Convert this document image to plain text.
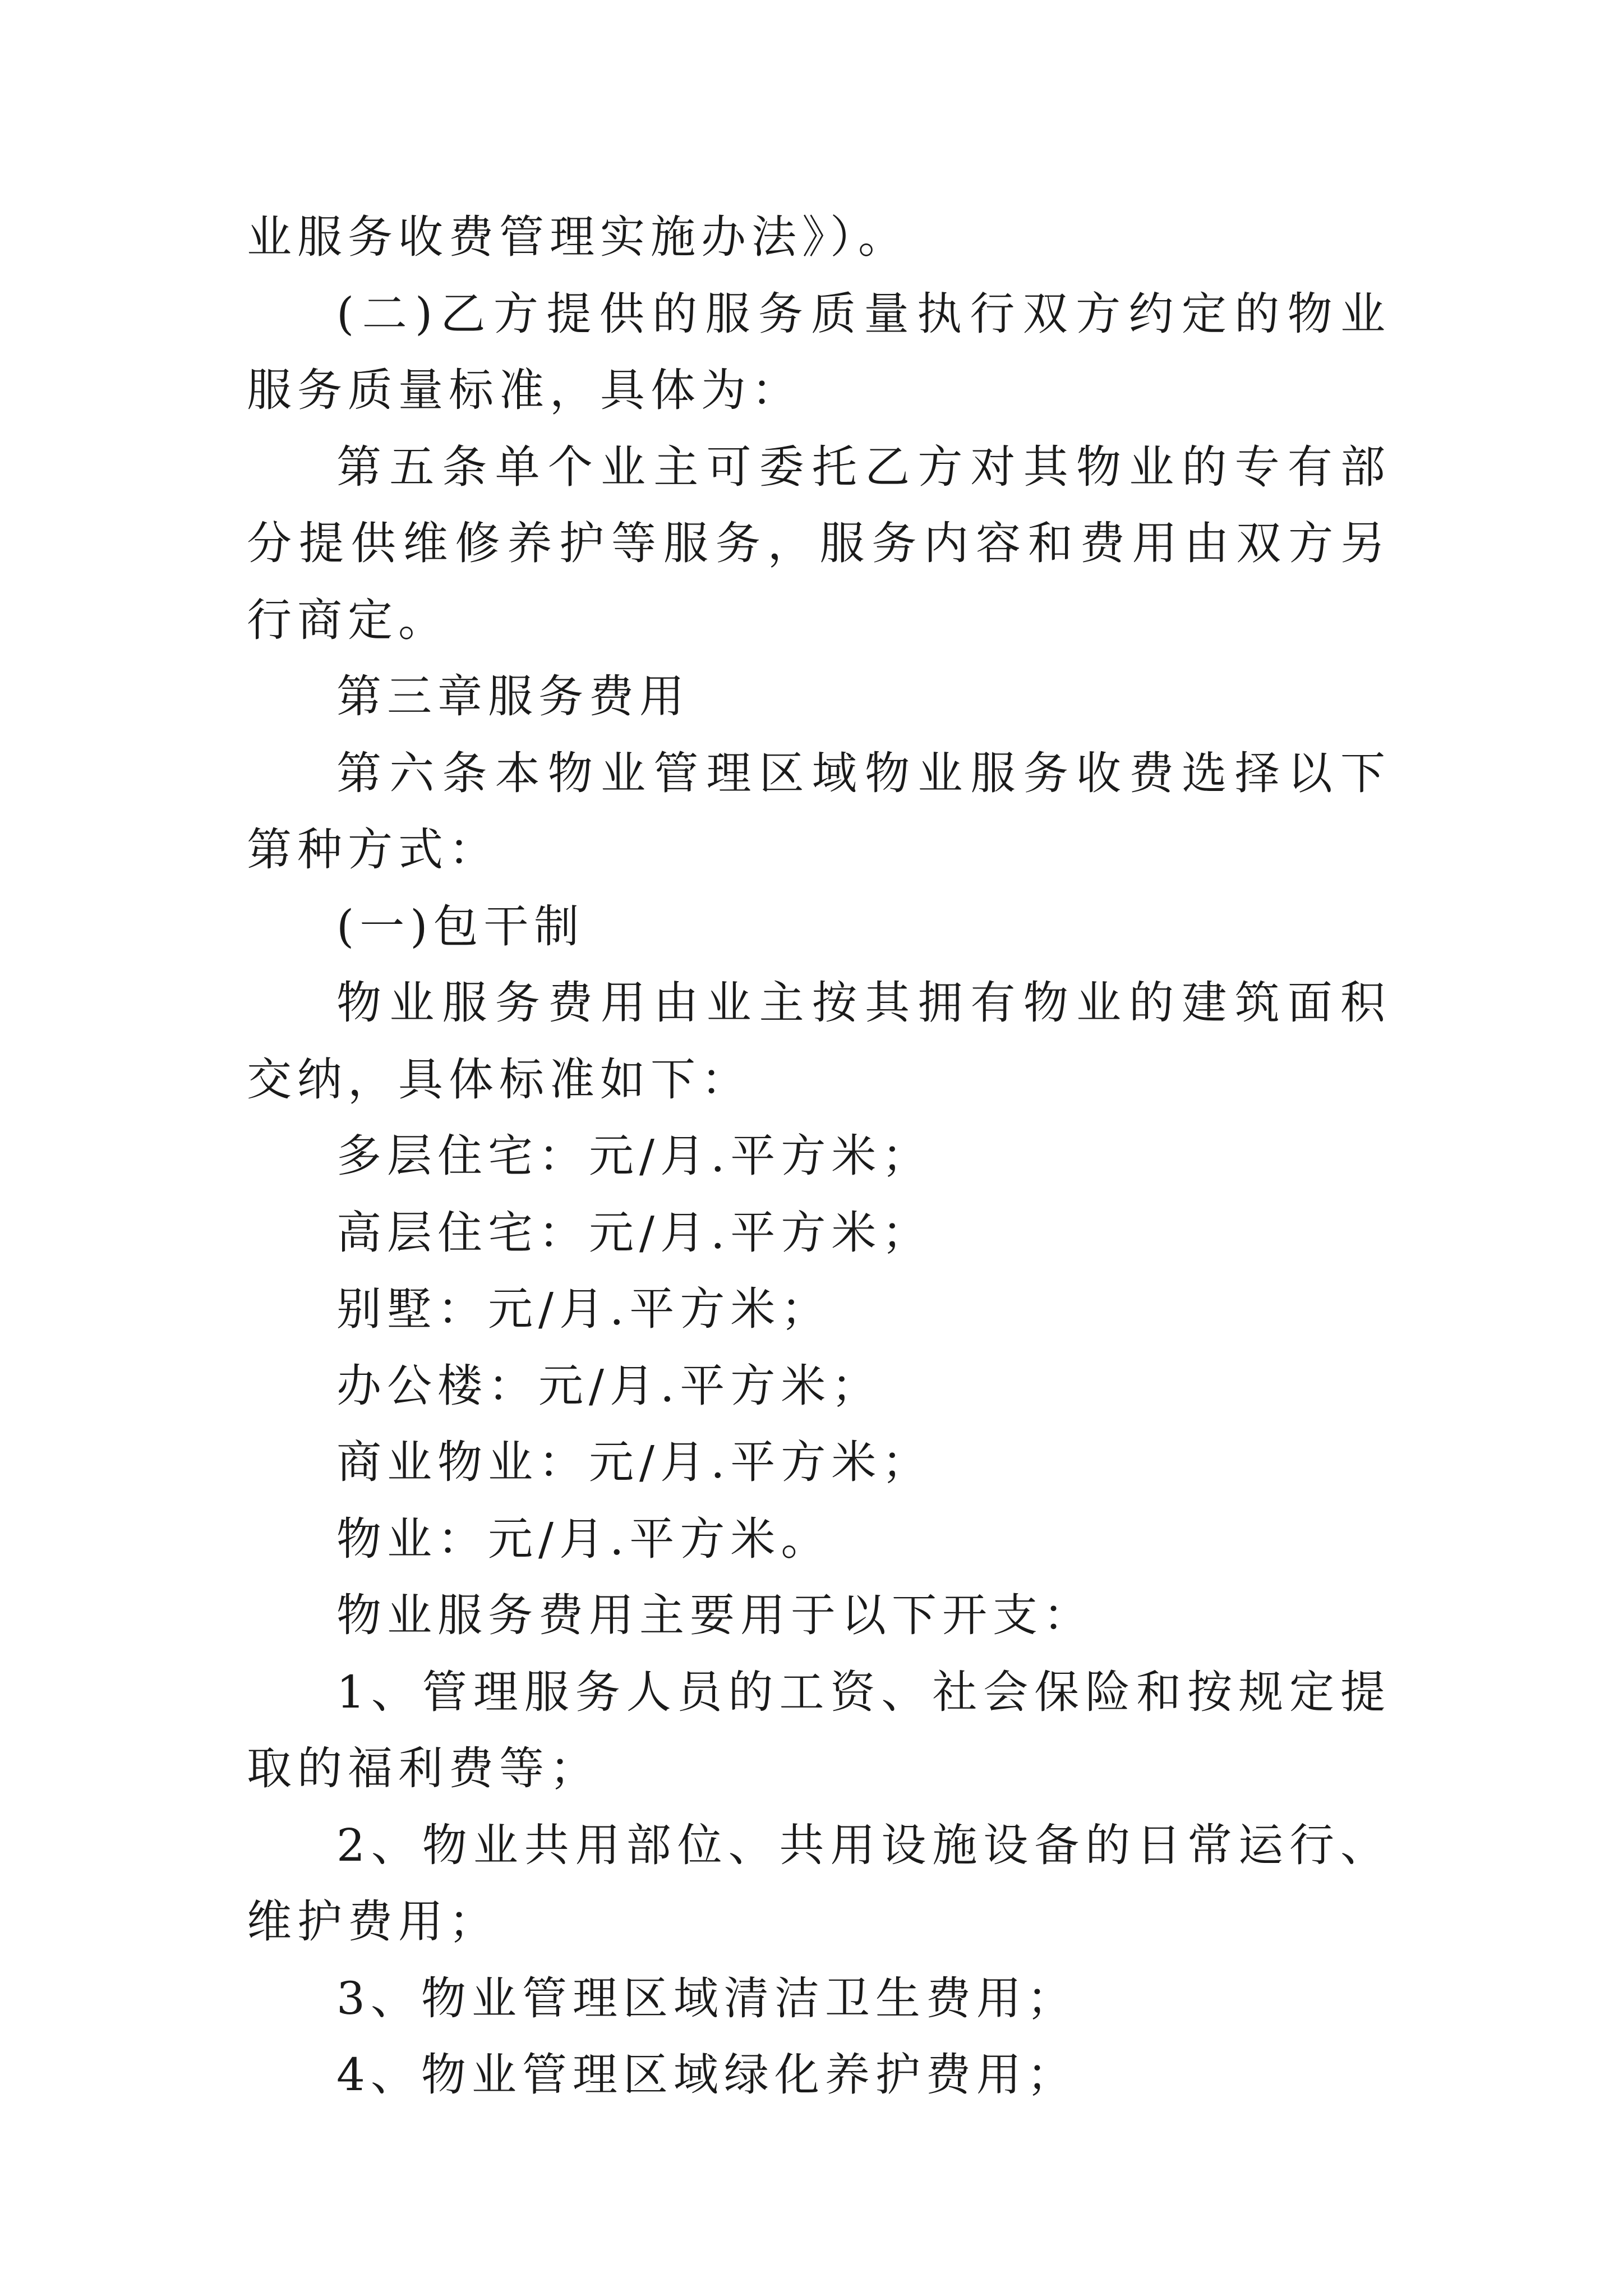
业服务收费管理实施办法》）。

(二)乙方提供的服务质量执行双方约定的物业服务质量标准，具体为：

第五条单个业主可委托乙方对其物业的专有部分提供维修养护等服务，服务内容和费用由双方另行商定。

第三章服务费用

第六条本物业管理区域物业服务收费选择以下第种方式：

(一)包干制

物业服务费用由业主按其拥有物业的建筑面积交纳，具体标准如下：

多层住宅：元/月.平方米；

高层住宅：元/月.平方米；

别墅：元/月.平方米；

办公楼：元/月.平方米；

商业物业：元/月.平方米；

物业：元/月.平方米。

物业服务费用主要用于以下开支：

1、管理服务人员的工资、社会保险和按规定提取的福利费等；

2、物业共用部位、共用设施设备的日常运行、维护费用；

3、物业管理区域清洁卫生费用；

4、物业管理区域绿化养护费用；
